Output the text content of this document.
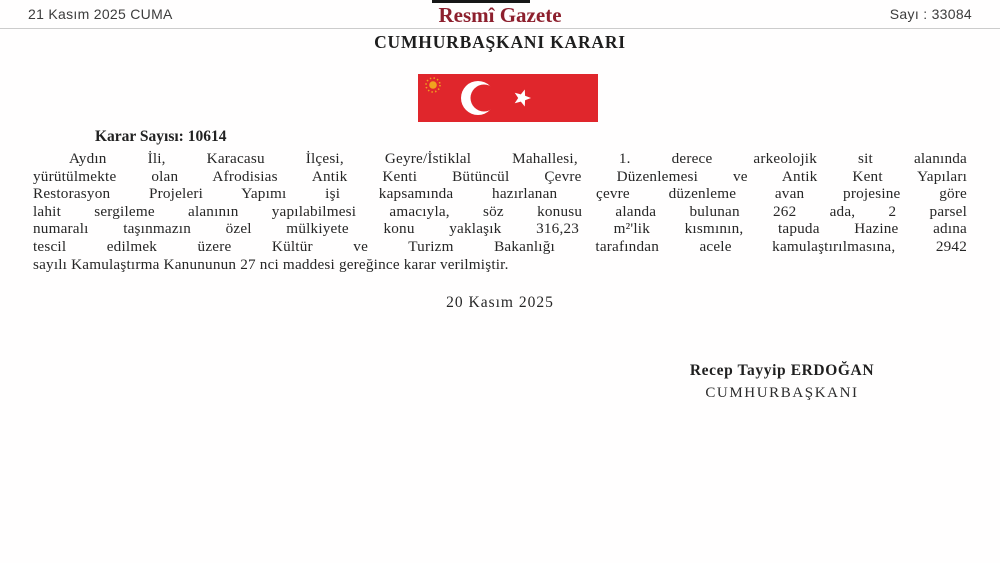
21 Kasım 2025 CUMA	Resmî Gazete	Sayı : 33084
CUMHURBAŞKANI KARARI

Karar Sayısı: 10614

Aydın İli, Karacasu İlçesi, Geyre/İstiklal Mahallesi, 1. derece arkeolojik sit alanında
yürütülmekte olan Afrodisias Antik Kenti Bütüncül Çevre Düzenlemesi ve Antik Kent Yapıları
Restorasyon Projeleri Yapımı işi kapsamında hazırlanan çevre düzenleme avan projesine göre
lahit sergileme alanının yapılabilmesi amacıyla, söz konusu alanda bulunan 262 ada, 2 parsel
numaralı taşınmazın özel mülkiyete konu yaklaşık 316,23 m²'lik kısmının, tapuda Hazine adına
tescil edilmek üzere Kültür ve Turizm Bakanlığı tarafından acele kamulaştırılmasına, 2942
sayılı Kamulaştırma Kanununun 27 nci maddesi gereğince karar verilmiştir.
20 Kasım 2025
Recep Tayyip ERDOĞAN
CUMHURBAŞKANI
